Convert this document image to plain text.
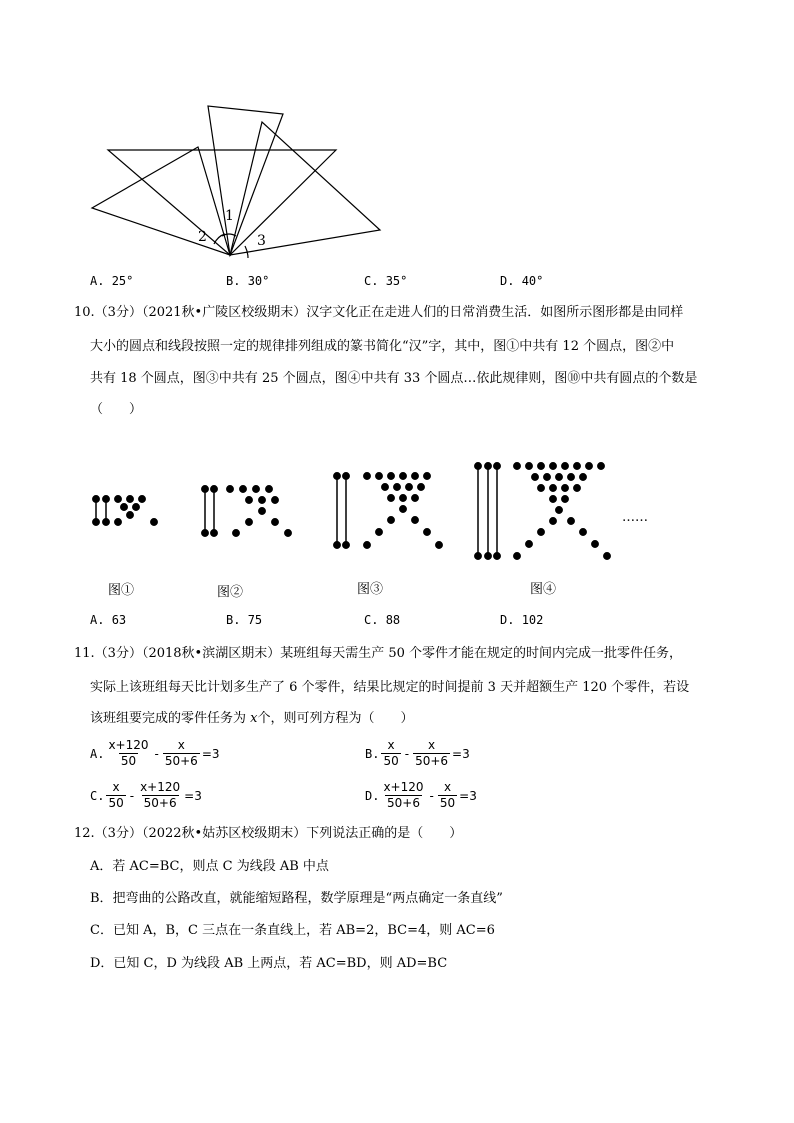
1
2	3
A. 25°	B. 30°	C. 35°	D. 40°
10.（3分）（2021秋•广陵区校级期末）汉字文化正在走进人们的日常消费生活．如图所示图形都是由同样
大小的圆点和线段按照一定的规律排列组成的篆书简化“汉”字，其中，图①中共有 12 个圆点，图②中
共有 18 个圆点，图③中共有 25 个圆点，图④中共有 33 个圆点…依此规律则，图⑩中共有圆点的个数是
（　　）
……
图①	图②	图③	图④
A. 63	B. 75	C. 88	D. 102
11.（3分）（2018秋•滨湖区期末）某班组每天需生产 50 个零件才能在规定的时间内完成一批零件任务，
实际上该班组每天比计划多生产了 6 个零件，结果比规定的时间提前 3 天并超额生产 120 个零件，若设
该班组要完成的零件任务为 x个，则可列方程为（　　）
A.
x+120
50
- $\frac{x}{50+6} =3$	B.
x
50
- $\frac{x}{50+6} =3$
C.
x
50
- $\frac{x+120}{50+6} =3$	D.
x+120
50+6
- $\frac{x}{50} =3$
12.（3分）（2022秋•姑苏区校级期末）下列说法正确的是（　　）
A．若 AC=BC，则点 C 为线段 AB 中点
B．把弯曲的公路改直，就能缩短路程，数学原理是“两点确定一条直线”
C．已知 A，B，C 三点在一条直线上，若 AB=2，BC=4，则 AC=6
D．已知 C，D 为线段 AB 上两点，若 AC=BD，则 AD=BC
